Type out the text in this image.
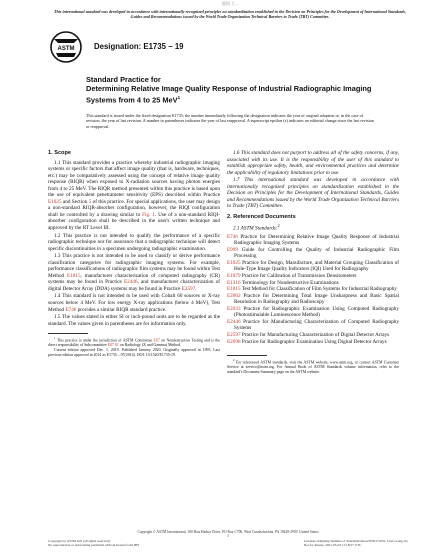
版权 工...
This international standard was developed in accordance with internationally recognized principles on standardization established in the Decision on Principles for the Development of International Standards, Guides and Recommendations issued by the World Trade Organization Technical Barriers to Trade (TBT) Committee.
ASTM	Designation: E1735 − 19
Standard Practice for
Determining Relative Image Quality Response of Industrial Radiographic Imaging Systems from 4 to 25 MeV$^1$
This standard is issued under the fixed designation E1735; the number immediately following the designation indicates the year of original adoption or, in the case of revision, the year of last revision. A number in parentheses indicates the year of last reapproval. A superscript epsilon (ε) indicates an editorial change since the last revision or reapproval.
1. Scope

1.1 This standard provides a practice whereby industrial radiographic imaging systems or specific factors that affect image quality (that is, hardware, techniques, etc.) may be comparatively assessed using the concept of relative image quality response (RIQR) when exposed to X-radiation sources having photon energies from 4 to 25 MeV. The RIQR method presented within this practice is based upon the use of equivalent penetrameter sensitivity (EPS) described within Practice E1025 and Section 5 of this practice. For special applications, the user may design a non-standard RIQR-absorber configuration, however, the RIQI configuration shall be controlled by a drawing similar to Fig. 1. Use of a non-standard RIQI-absorber configuration shall be described in the user's written technique and approved by the RT Level III.

1.2 This practice is not intended to qualify the performance of a specific radiographic technique nor for assurance that a radiographic technique will detect specific discontinuities in a specimen undergoing radiographic examination.

1.3 This practice is not intended to be used to classify or derive performance classification categories for radiographic imaging systems. For example, performance classifications of radiographic film systems may be found within Test Method E1815, manufacturer characterization of computed radiography (CR) systems may be found in Practice E2446, and manufacturer characterization of digital Detector Array (DDA) systems may be found in Practice E2597.

1.4 This standard is not intended to be used with Cobalt 60 sources or X-ray sources below 4 MeV. For low energy X-ray applications (below 4 MeV), Test Method E746 provides a similar RIQR standard practice.

1.5 The values stated in either SI or inch-pound units are to be regarded as the standard. The values given in parentheses are for information only.

$^1$ This practice is under the jurisdiction of ASTM Committee E07 on Nondestructive Testing and is the direct responsibility of Subcommittee E07.01 on Radiology (X and Gamma) Method.

Current edition approved Dec. 1, 2019. Published January 2020. Originally approved in 1995. Last previous edition approved in 2014 as E1735 – 07(2014). DOI: 10.1520/E1735-19.

1.6 This standard does not purport to address all of the safety concerns, if any, associated with its use. It is the responsibility of the user of this standard to establish appropriate safety, health, and environmental practices and determine the applicability of regulatory limitations prior to use.

1.7 This international standard was developed in accordance with internationally recognized principles on standardization established in the Decision on Principles for the Development of International Standards, Guides and Recommendations issued by the World Trade Organization Technical Barriers to Trade (TBT) Committee.

2. Referenced Documents

2.1 ASTM Standards:$^2$

E746 Practice for Determining Relative Image Quality Response of Industrial Radiographic Imaging Systems

E999 Guide for Controlling the Quality of Industrial Radiographic Film Processing

E1025 Practice for Design, Manufacture, and Material Grouping Classification of Hole-Type Image Quality Indicators (IQI) Used for Radiography

E1079 Practice for Calibration of Transmission Densitometers

E1316 Terminology for Nondestructive Examinations

E1815 Test Method for Classification of Film Systems for Industrial Radiography

E2002 Practice for Determining Total Image Unsharpness and Basic Spatial Resolution in Radiography and Radioscopy

E2033 Practice for Radiographic Examination Using Computed Radiography (Photostimulable Luminescence Method)

E2446 Practice for Manufacturing Characterization of Computed Radiography Systems

E2597 Practice for Manufacturing Characterization of Digital Detector Arrays

E2698 Practice for Radiographic Examination Using Digital Detector Arrays

$^2$ For referenced ASTM standards, visit the ASTM website, www.astm.org, or contact ASTM Customer Service at service@astm.org. For Annual Book of ASTM Standards volume information, refer to the standard's Document Summary page on the ASTM website.

Copyright © ASTM International, 100 Barr Harbor Drive, PO Box C700, West Conshohocken, PA 19428-2959. United States
1
Copyright by ASTM Int'l (all rights reserved);
No reproduction or networking permitted without license from IHS
Licensee=Zhejiang Institute of Standardization/5059171001, User=wang, liy
Not for Resale, 2021-03-03 11:18:57 UTC
